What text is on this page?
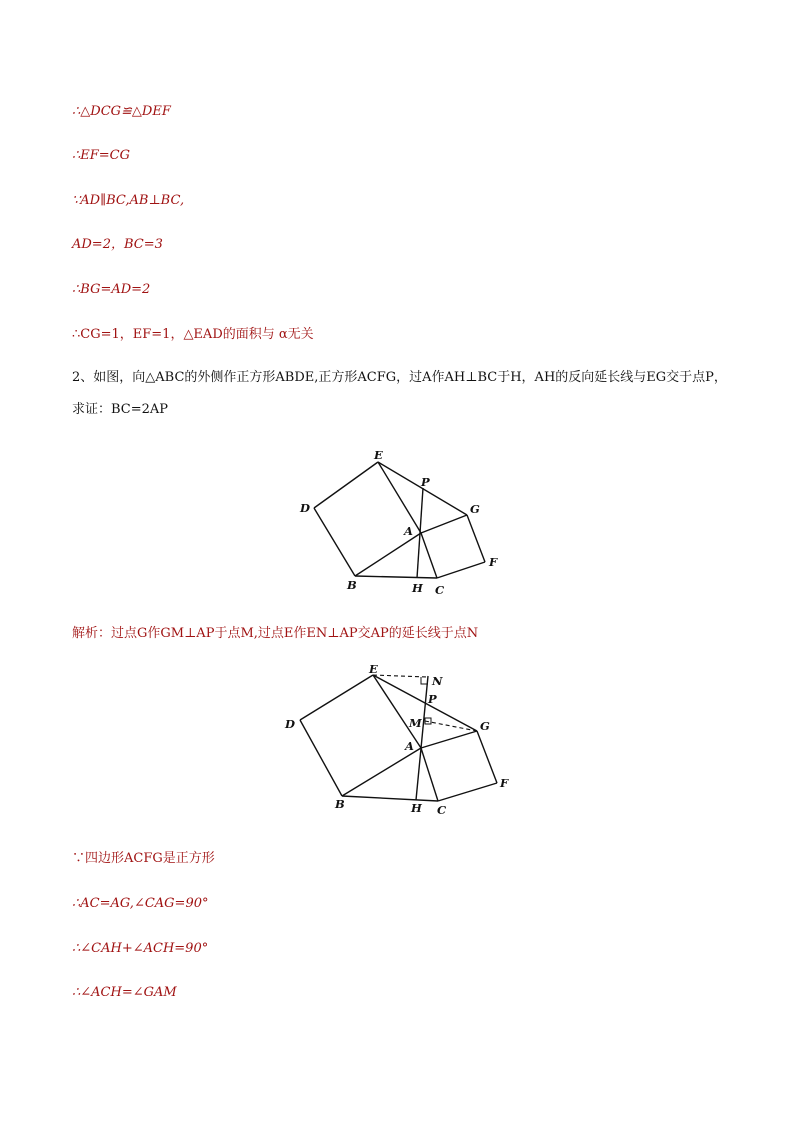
∴△DCG≌△DEF
∴EF=CG
∵AD∥BC,AB⊥BC,
AD=2，BC=3
∴BG=AD=2
∴CG=1，EF=1，△EAD的面积与 α无关
2、如图，向△ABC的外侧作正方形ABDE,正方形ACFG，过A作AH⊥BC于H，AH的反向延长线与EG交于点P，求证：BC=2AP
E
P
G
D
A
F
B	H C
解析：过点G作GM⊥AP于点M,过点E作EN⊥AP交AP的延长线于点N
E
N
P
M	G
D
A
F
B	H C
∵四边形ACFG是正方形
∴AC=AG,∠CAG=90°
∴∠CAH+∠ACH=90°
∴∠ACH=∠GAM
